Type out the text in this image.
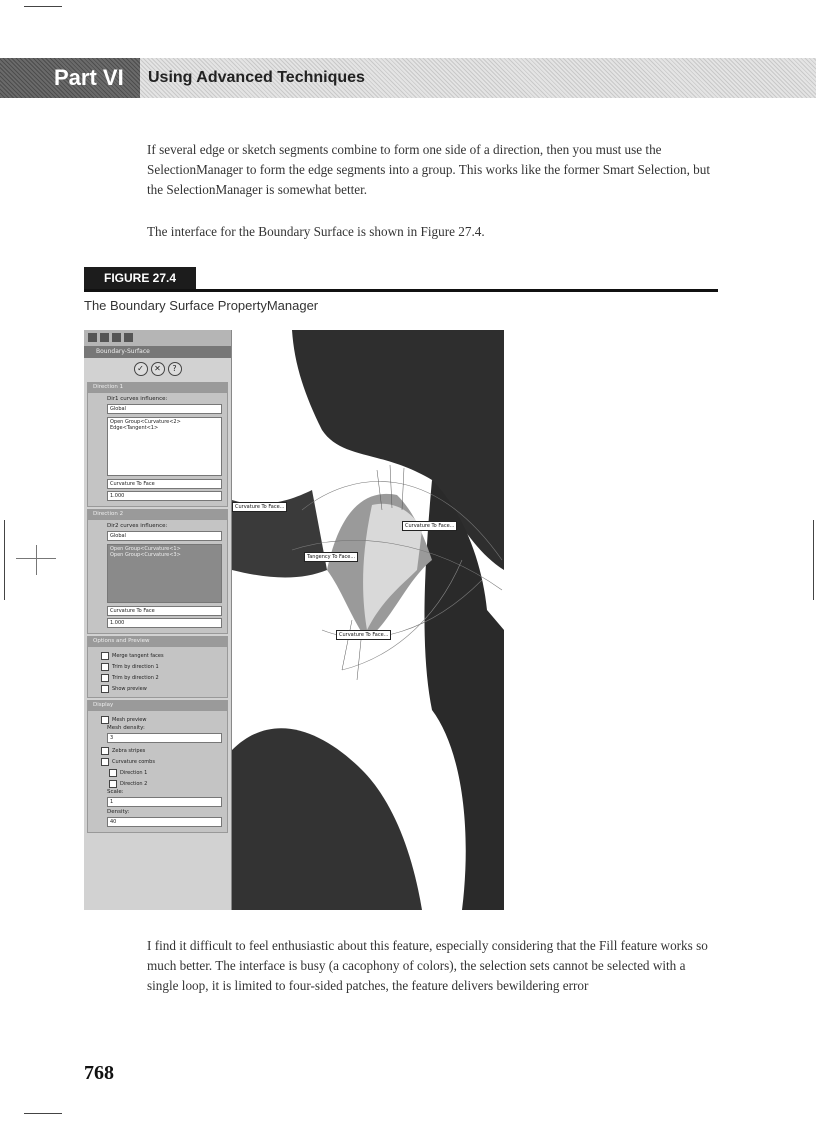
Part VI	Using Advanced Techniques
If several edge or sketch segments combine to form one side of a direction, then you must use the SelectionManager to form the edge segments into a group. This works like the former Smart Selection, but the SelectionManager is somewhat better.
The interface for the Boundary Surface is shown in Figure 27.4.
FIGURE 27.4
The Boundary Surface PropertyManager
Boundary-Surface
✓	✕	?
Direction 1
Dir1 curves influence:
Global
Open Group<Curvature<2>
Edge<Tangent<1>
Curvature To Face
1.000
Direction 2
Dir2 curves influence:
Global
Open Group<Curvature<1>
Open Group<Curvature<3>
Curvature To Face
1.000
Options and Preview
Merge tangent faces
Trim by direction 1
Trim by direction 2
Show preview
Display
Mesh preview
Mesh density:
3
Zebra stripes
Curvature combs
Direction 1
Direction 2
Scale:
1
Density:
40
Curvature To Face...
Curvature To Face...
Tangency To Face...
Curvature To Face...
I find it difficult to feel enthusiastic about this feature, especially considering that the Fill feature works so much better. The interface is busy (a cacophony of colors), the selection sets cannot be selected with a single loop, it is limited to four-sided patches, the feature delivers bewildering error
768
